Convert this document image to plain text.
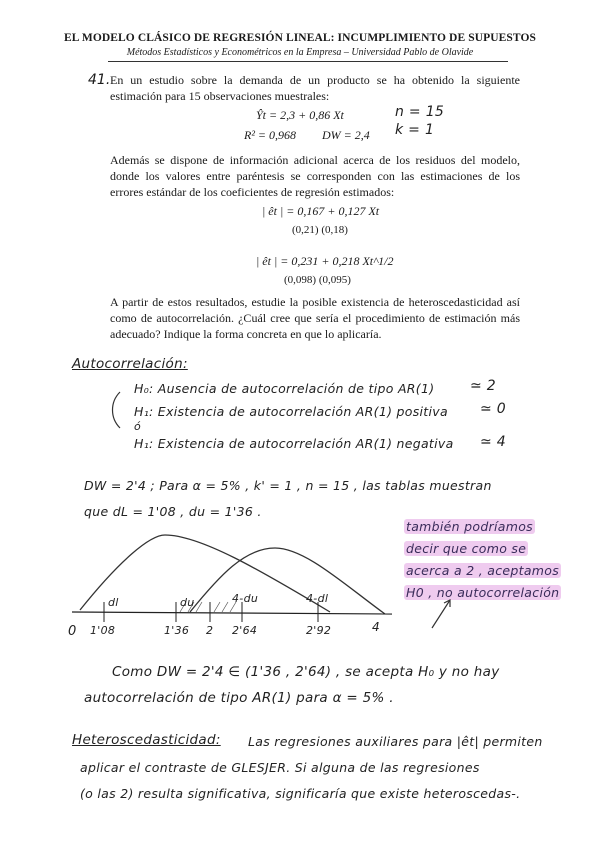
EL MODELO CLÁSICO DE REGRESIÓN LINEAL: INCUMPLIMIENTO DE SUPUESTOS
Métodos Estadísticos y Econométricos en la Empresa – Universidad Pablo de Olavide
41. En un estudio sobre la demanda de un producto se ha obtenido la siguiente estimación para 15 observaciones muestrales:
Ŷt = 2,3 + 0,86 Xt
R² = 0,968 DW = 2,4
n = 15
k = 1
Además se dispone de información adicional acerca de los residuos del modelo, donde los valores entre paréntesis se corresponden con las estimaciones de los errores estándar de los coeficientes de regresión estimados:
| êt | = 0,167 + 0,127 Xt
(0,21) (0,18)
| êt | = 0,231 + 0,218 Xt^1/2
(0,098) (0,095)
A partir de estos resultados, estudie la posible existencia de heteroscedasticidad así como de autocorrelación. ¿Cuál cree que sería el procedimiento de estimación más adecuado? Indique la forma concreta en que lo aplicaría.
Autocorrelación:
H₀: Ausencia de autocorrelación de tipo AR(1)	≃ 2
H₁: Existencia de autocorrelación AR(1) positiva ≃ 0
ó
H₁: Existencia de autocorrelación AR(1) negativa ≃ 4
DW = 2'4 ; Para α = 5% , k' = 1 , n = 15 , las tablas muestran
que dL = 1'08 , du = 1'36 .
también podríamos
decir que como se
acerca a 2 , aceptamos
H0 , no autocorrelación
0
dl	du	4-du	4-dl
1'08	1'36 2 2'64	2'92	4
Como DW = 2'4 ∈ (1'36 , 2'64) , se acepta H₀ y no hay
autocorrelación de tipo AR(1) para α = 5% .
Heteroscedasticidad: Las regresiones auxiliares para |êt| permiten
aplicar el contraste de GLESJER. Si alguna de las regresiones
(o las 2) resulta significativa, significaría que existe heteroscedas-.
